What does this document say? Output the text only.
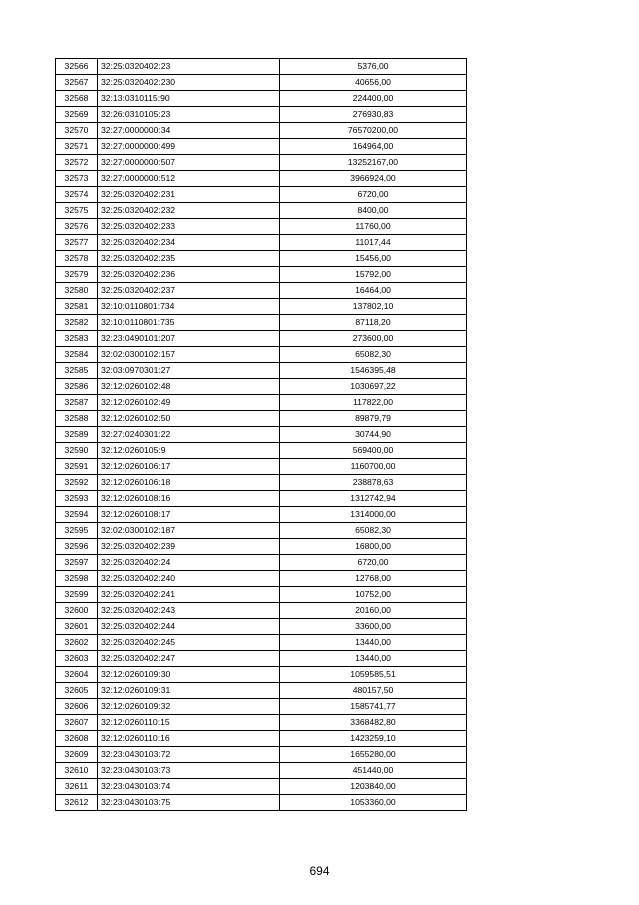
32566	32:25:0320402:23	5376,00
32567	32:25:0320402:230	40656,00
32568	32:13:0310115:90	224400,00
32569	32:26:0310105:23	276930,83
32570	32:27:0000000:34	76570200,00
32571	32:27:0000000:499	164964,00
32572	32:27:0000000:507	13252167,00
32573	32:27:0000000:512	3966924,00
32574	32:25:0320402:231	6720,00
32575	32:25:0320402:232	8400,00
32576	32:25:0320402:233	11760,00
32577	32:25:0320402:234	11017,44
32578	32:25:0320402:235	15456,00
32579	32:25:0320402:236	15792,00
32580	32:25:0320402:237	16464,00
32581	32:10:0110801:734	137802,10
32582	32:10:0110801:735	87118,20
32583	32:23:0490101:207	273600,00
32584	32:02:0300102:157	65082,30
32585	32:03:0970301:27	1546395,48
32586	32:12:0260102:48	1030697,22
32587	32:12:0260102:49	117822,00
32588	32:12:0260102:50	89879,79
32589	32:27:0240301:22	30744,90
32590	32:12:0260105:9	569400,00
32591	32:12:0260106:17	1160700,00
32592	32:12:0260106:18	238878,63
32593	32:12:0260108:16	1312742,94
32594	32:12:0260108:17	1314000,00
32595	32:02:0300102:187	65082,30
32596	32:25:0320402:239	16800,00
32597	32:25:0320402:24	6720,00
32598	32:25:0320402:240	12768,00
32599	32:25:0320402:241	10752,00
32600	32:25:0320402:243	20160,00
32601	32:25:0320402:244	33600,00
32602	32:25:0320402:245	13440,00
32603	32:25:0320402:247	13440,00
32604	32:12:0260109:30	1059585,51
32605	32:12:0260109:31	480157,50
32606	32:12:0260109:32	1585741,77
32607	32:12:0260110:15	3368482,80
32608	32:12:0260110:16	1423259,10
32609	32:23:0430103:72	1655280,00
32610	32:23:0430103:73	451440,00
32611	32:23:0430103:74	1203840,00
32612	32:23:0430103:75	1053360,00
694
